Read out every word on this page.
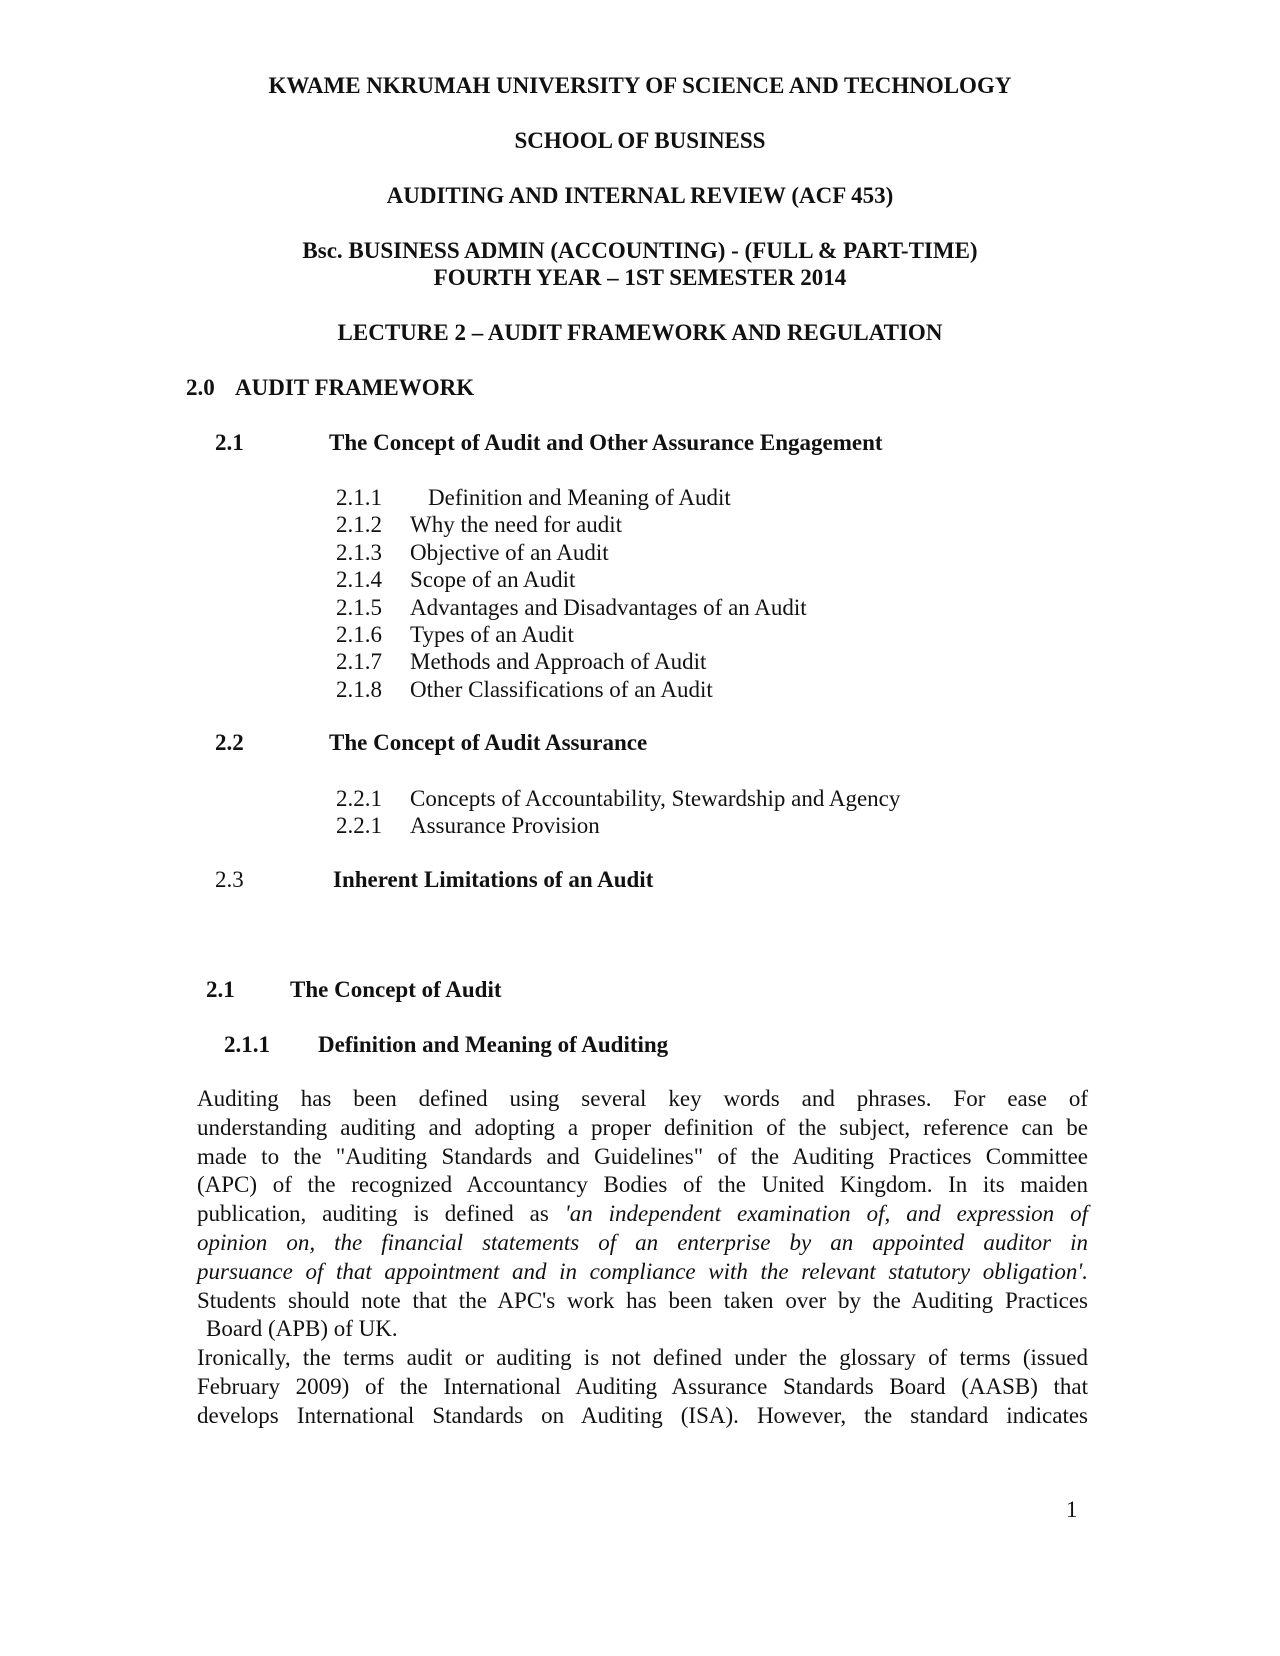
KWAME NKRUMAH UNIVERSITY OF SCIENCE AND TECHNOLOGY
SCHOOL OF BUSINESS
AUDITING AND INTERNAL REVIEW (ACF 453)
Bsc. BUSINESS ADMIN (ACCOUNTING) - (FULL & PART-TIME)
FOURTH YEAR – 1ST SEMESTER 2014
LECTURE 2 – AUDIT FRAMEWORK AND REGULATION
2.0 AUDIT FRAMEWORK
2.1	The Concept of Audit and Other Assurance Engagement
2.1.1 Definition and Meaning of Audit
2.1.2 Why the need for audit
2.1.3 Objective of an Audit
2.1.4 Scope of an Audit
2.1.5 Advantages and Disadvantages of an Audit
2.1.6 Types of an Audit
2.1.7 Methods and Approach of Audit
2.1.8 Other Classifications of an Audit
2.2	The Concept of Audit Assurance
2.2.1 Concepts of Accountability, Stewardship and Agency
2.2.1 Assurance Provision
2.3	Inherent Limitations of an Audit
2.1 The Concept of Audit
2.1.1 Definition and Meaning of Auditing
Auditing has been defined using several key words and phrases. For ease of
understanding auditing and adopting a proper definition of the subject, reference can be
made to the "Auditing Standards and Guidelines" of the Auditing Practices Committee
(APC) of the recognized Accountancy Bodies of the United Kingdom. In its maiden
publication, auditing is defined as 'an independent examination of, and expression of
opinion on, the financial statements of an enterprise by an appointed auditor in
pursuance of that appointment and in compliance with the relevant statutory obligation'.
Students should note that the APC's work has been taken over by the Auditing Practices
Board (APB) of UK.
Ironically, the terms audit or auditing is not defined under the glossary of terms (issued
February 2009) of the International Auditing Assurance Standards Board (AASB) that
develops International Standards on Auditing (ISA). However, the standard indicates
1
